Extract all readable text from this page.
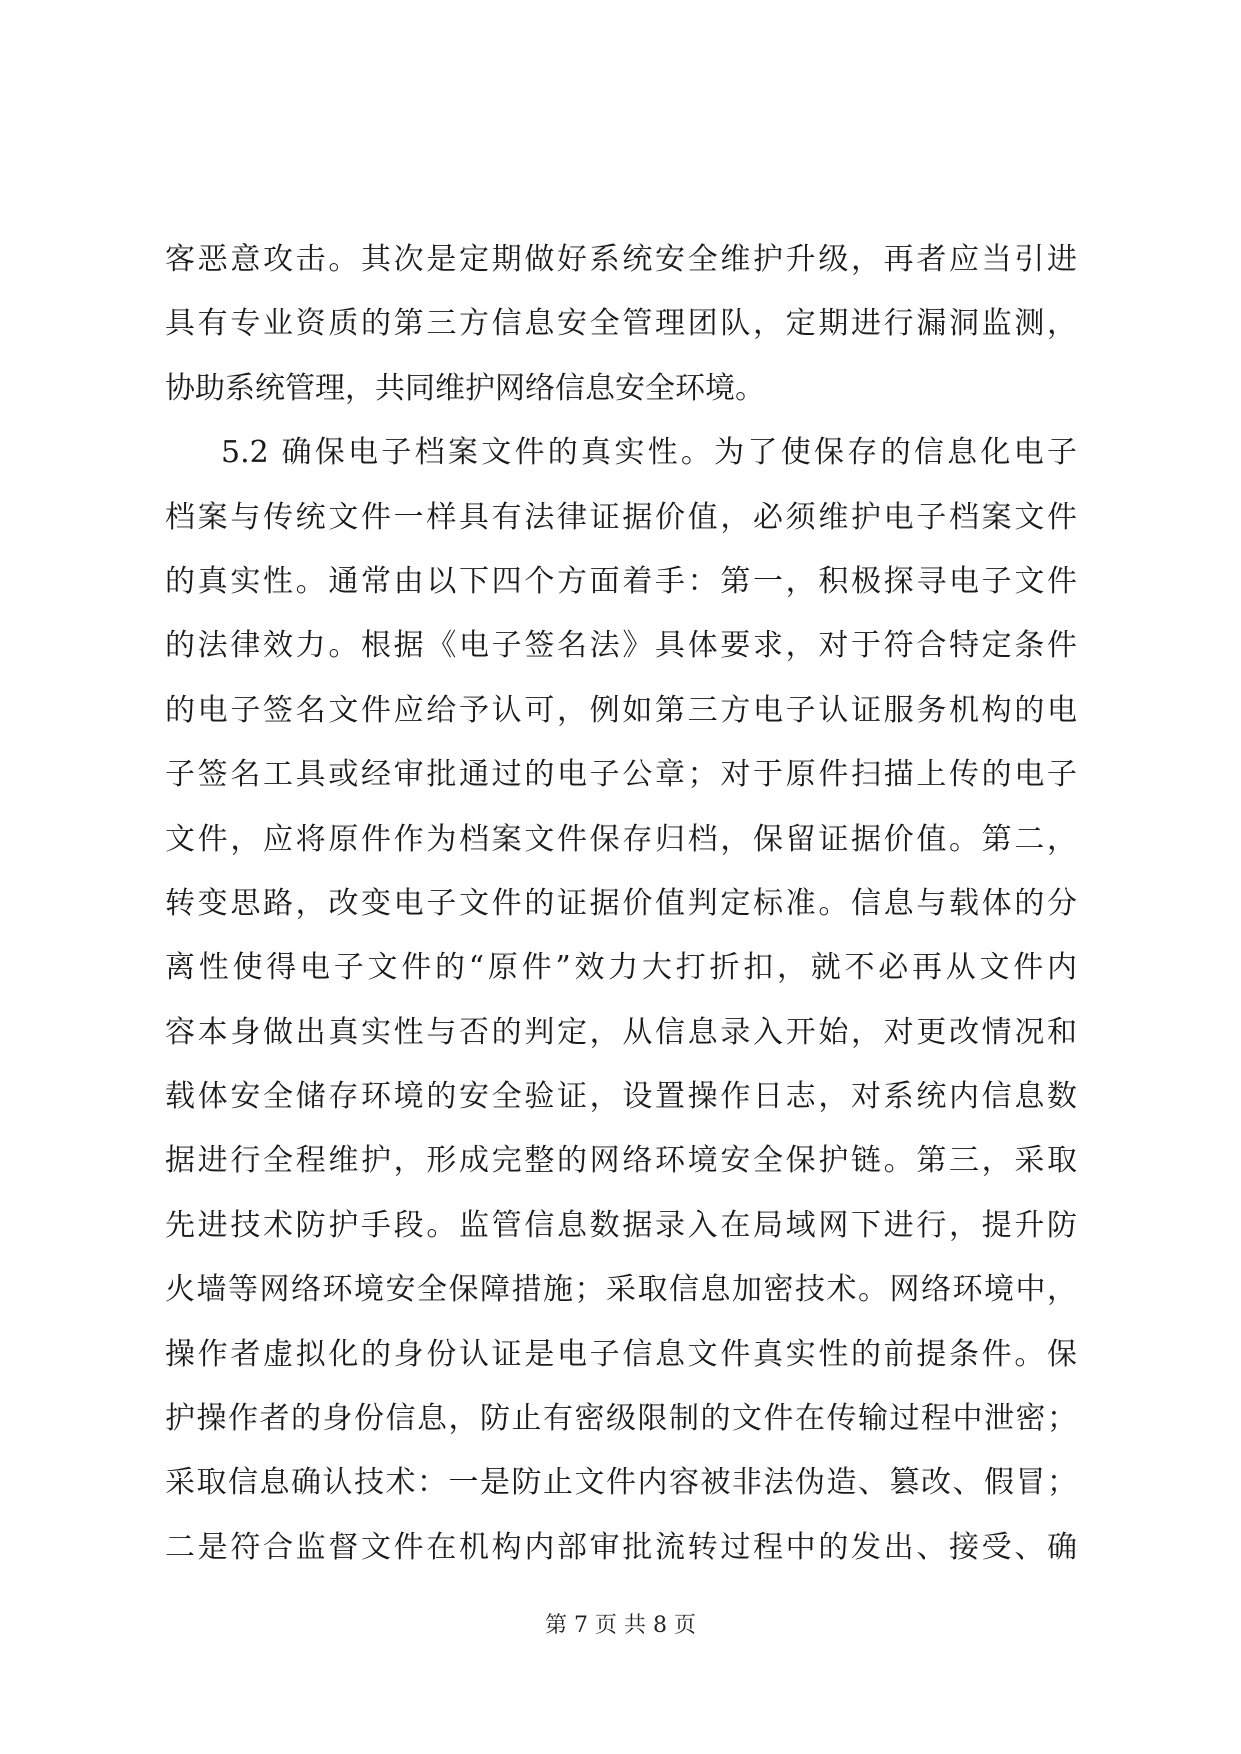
客恶意攻击。其次是定期做好系统安全维护升级，再者应当引进
具有专业资质的第三方信息安全管理团队，定期进行漏洞监测，
协助系统管理，共同维护网络信息安全环境。
5.2 确保电子档案文件的真实性。为了使保存的信息化电子
档案与传统文件一样具有法律证据价值，必须维护电子档案文件
的真实性。通常由以下四个方面着手：第一，积极探寻电子文件
的法律效力。根据《电子签名法》具体要求，对于符合特定条件
的电子签名文件应给予认可，例如第三方电子认证服务机构的电
子签名工具或经审批通过的电子公章；对于原件扫描上传的电子
文件，应将原件作为档案文件保存归档，保留证据价值。第二，
转变思路，改变电子文件的证据价值判定标准。信息与载体的分
离性使得电子文件的“原件”效力大打折扣，就不必再从文件内
容本身做出真实性与否的判定，从信息录入开始，对更改情况和
载体安全储存环境的安全验证，设置操作日志，对系统内信息数
据进行全程维护，形成完整的网络环境安全保护链。第三，采取
先进技术防护手段。监管信息数据录入在局域网下进行，提升防
火墙等网络环境安全保障措施；采取信息加密技术。网络环境中，
操作者虚拟化的身份认证是电子信息文件真实性的前提条件。保
护操作者的身份信息，防止有密级限制的文件在传输过程中泄密；
采取信息确认技术：一是防止文件内容被非法伪造、篡改、假冒；
二是符合监督文件在机构内部审批流转过程中的发出、接受、确
第 7 页 共 8 页
